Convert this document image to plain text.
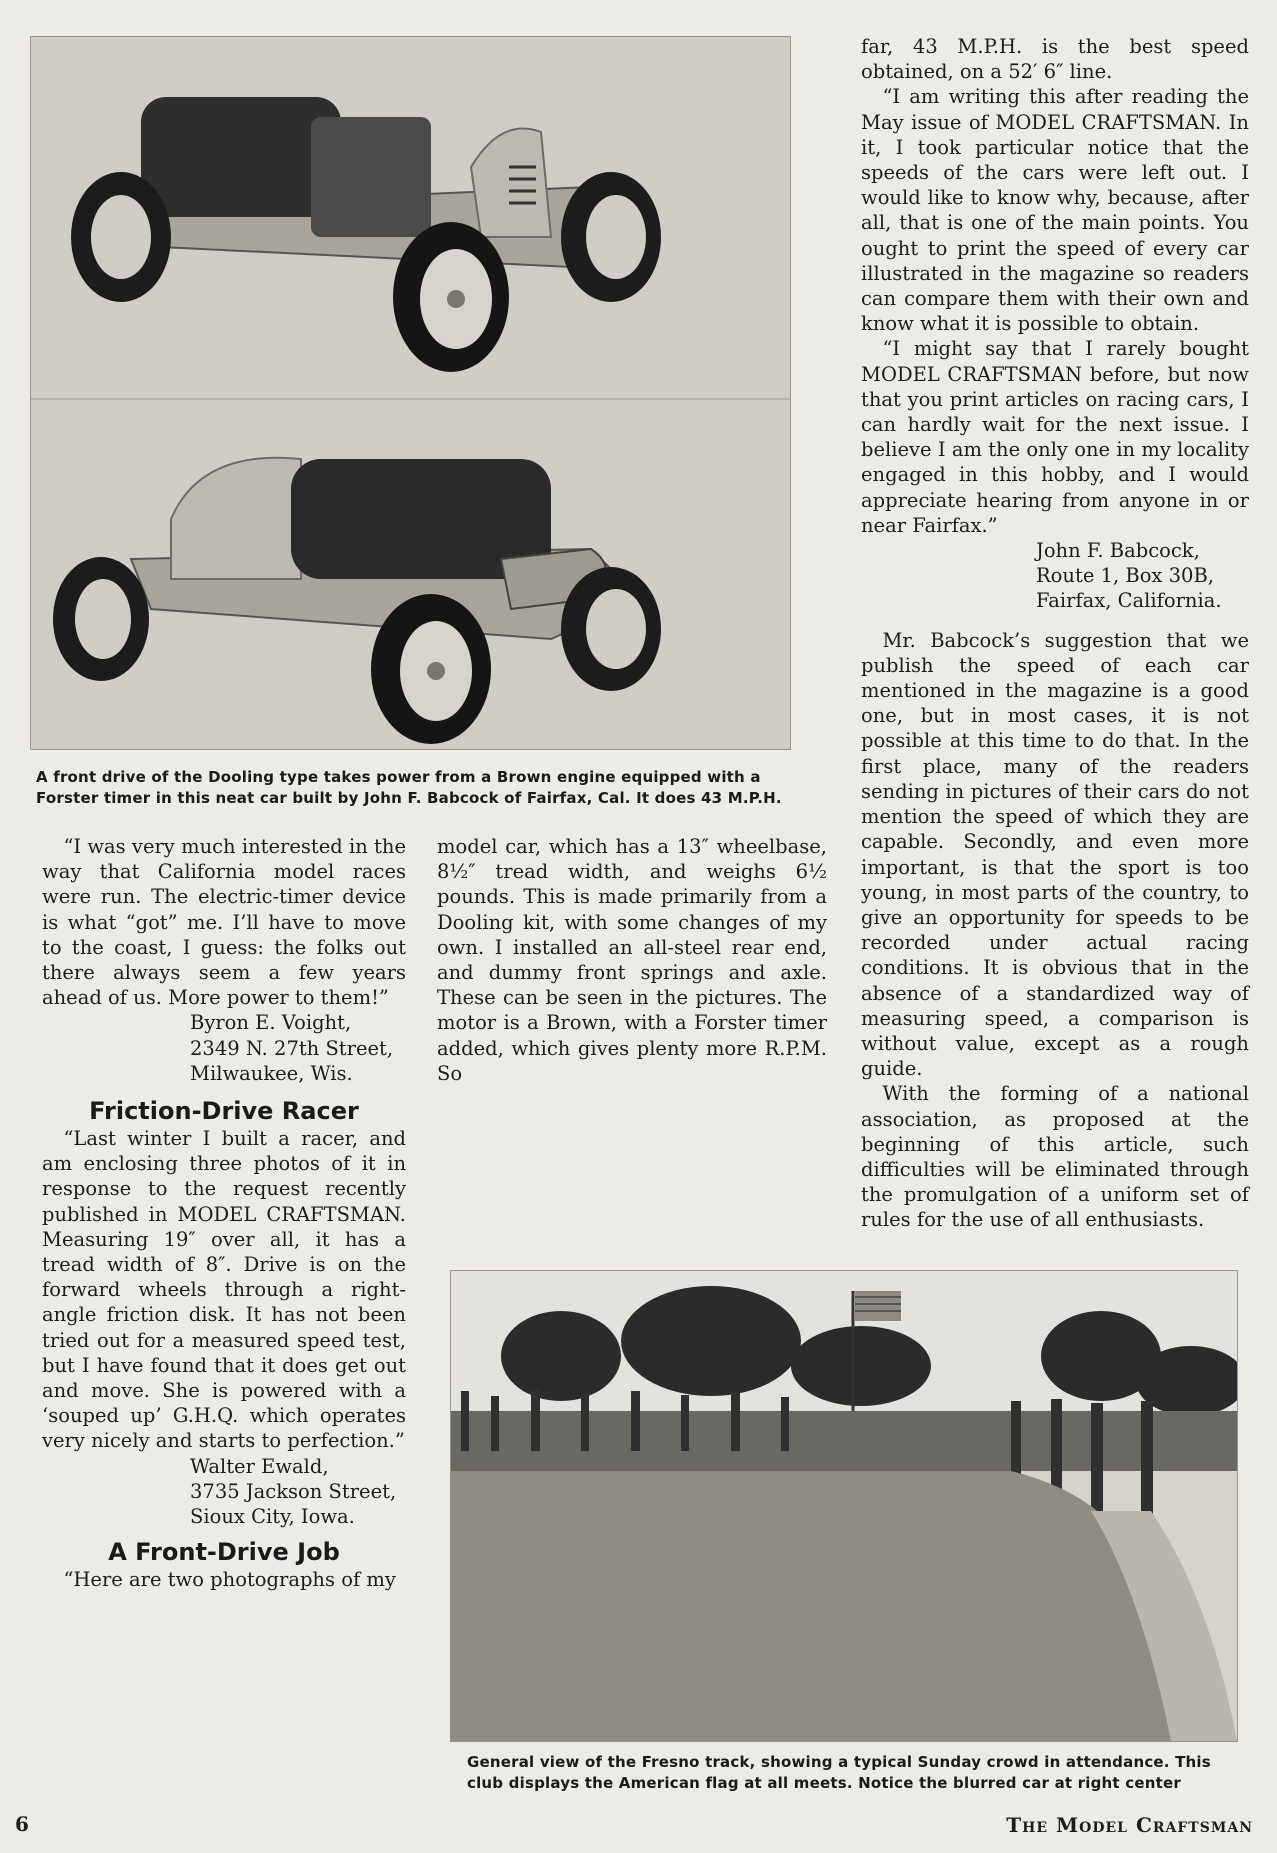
A front drive of the Dooling type takes power from a Brown engine equipped with a
Forster timer in this neat car built by John F. Babcock of Fairfax, Cal. It does 43 M.P.H.

far, 43 M.P.H. is the best speed obtained, on a 52′ 6″ line.

“I am writing this after reading the May issue of MODEL CRAFTSMAN. In it, I took particular notice that the speeds of the cars were left out. I would like to know why, because, after all, that is one of the main points. You ought to print the speed of every car illustrated in the magazine so readers can compare them with their own and know what it is possible to obtain.

“I might say that I rarely bought MODEL CRAFTSMAN before, but now that you print articles on racing cars, I can hardly wait for the next issue. I believe I am the only one in my locality engaged in this hobby, and I would appreciate hearing from anyone in or near Fairfax.”

John F. Babcock,
Route 1, Box 30B,
Fairfax, California.

Mr. Babcock’s suggestion that we publish the speed of each car mentioned in the magazine is a good one, but in most cases, it is not possible at this time to do that. In the first place, many of the readers sending in pictures of their cars do not mention the speed of which they are capable. Secondly, and even more important, is that the sport is too young, in most parts of the country, to give an opportunity for speeds to be recorded under actual racing conditions. It is obvious that in the absence of a standardized way of measuring speed, a comparison is without value, except as a rough guide.

With the forming of a national association, as proposed at the beginning of this article, such difficulties will be eliminated through the promulgation of a uniform set of rules for the use of all enthusiasts.

“I was very much interested in the way that California model races were run. The electric-timer device is what “got” me. I’ll have to move to the coast, I guess: the folks out there always seem a few years ahead of us. More power to them!”

Byron E. Voight,
2349 N. 27th Street,
Milwaukee, Wis.
Friction-Drive Racer

“Last winter I built a racer, and am enclosing three photos of it in response to the request recently published in MODEL CRAFTSMAN. Measuring 19″ over all, it has a tread width of 8″. Drive is on the forward wheels through a right-angle friction disk. It has not been tried out for a measured speed test, but I have found that it does get out and move. She is powered with a ‘souped up’ G.H.Q. which operates very nicely and starts to perfection.”

Walter Ewald,
3735 Jackson Street,
Sioux City, Iowa.
A Front-Drive Job

“Here are two photographs of my

model car, which has a 13″ wheelbase, 8½″ tread width, and weighs 6½ pounds. This is made primarily from a Dooling kit, with some changes of my own. I installed an all-steel rear end, and dummy front springs and axle. These can be seen in the pictures. The motor is a Brown, with a Forster timer added, which gives plenty more R.P.M. So

General view of the Fresno track, showing a typical Sunday crowd in attendance. This
club displays the American flag at all meets. Notice the blurred car at right center
6	The Model Craftsman
